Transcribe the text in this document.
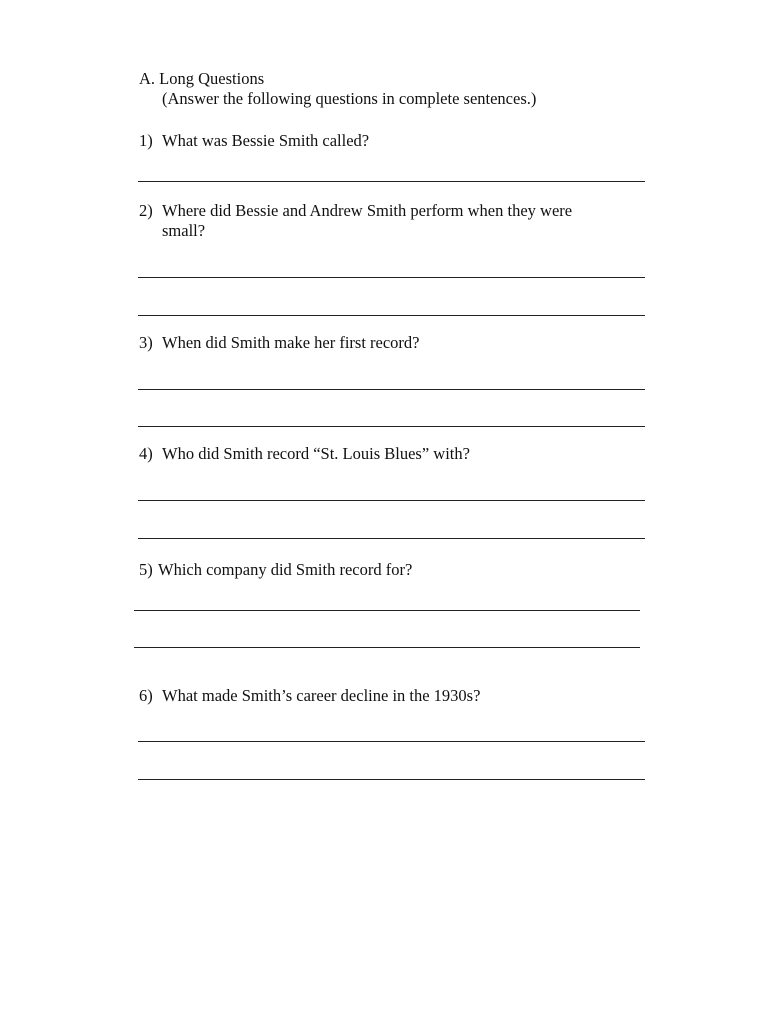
A. Long Questions
(Answer the following questions in complete sentences.)
1) What was Bessie Smith called?
2) Where did Bessie and Andrew Smith perform when they were
small?
3) When did Smith make her first record?
4) Who did Smith record “St. Louis Blues” with?
5) Which company did Smith record for?
6) What made Smith’s career decline in the 1930s?
